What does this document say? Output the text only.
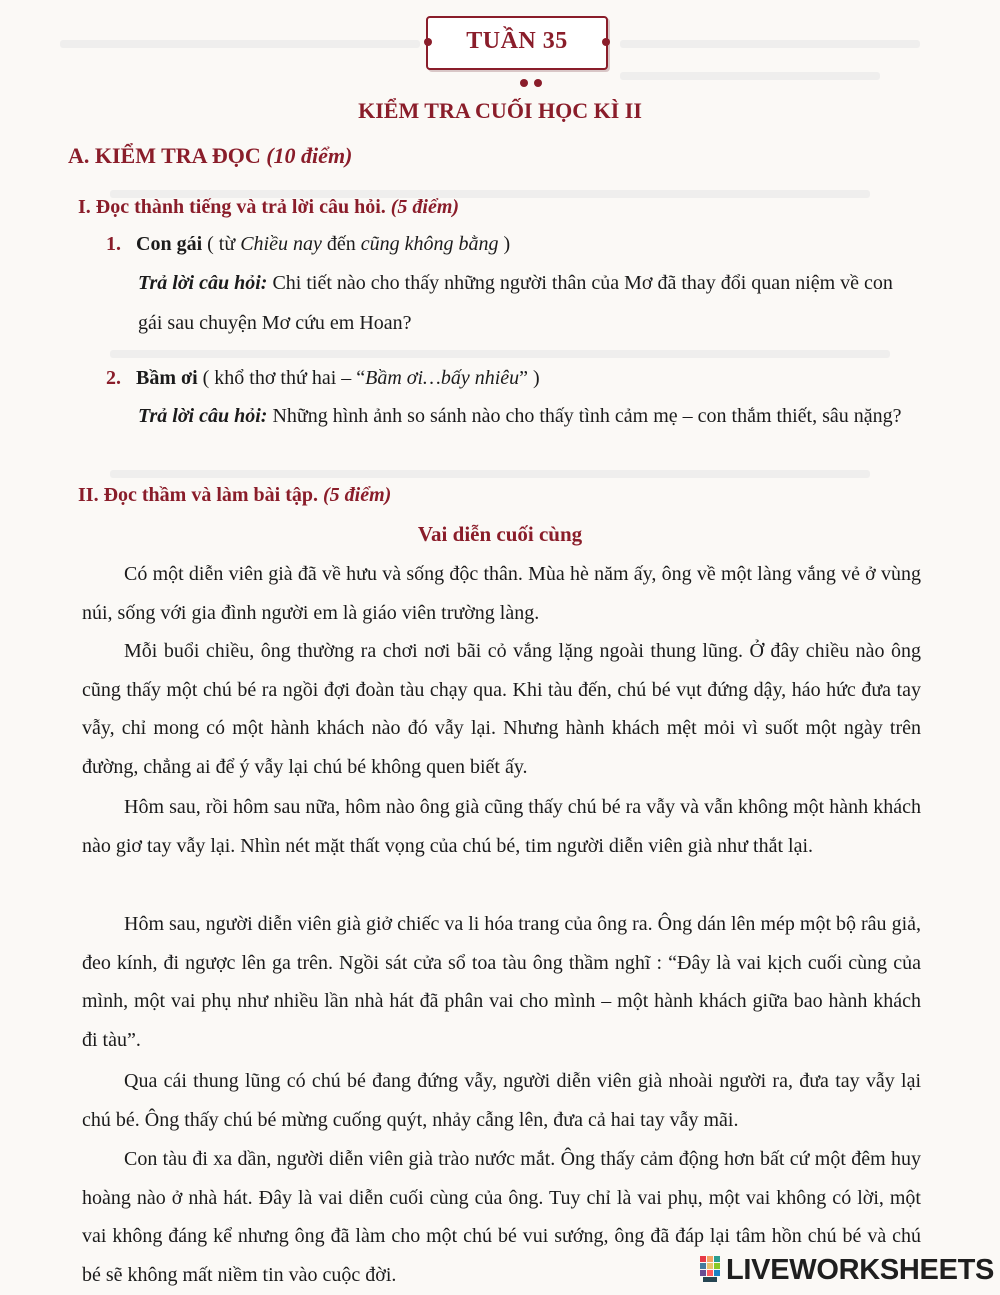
TUẦN 35
KIỂM TRA CUỐI HỌC KÌ II
A. KIỂM TRA ĐỌC (10 điểm)
I. Đọc thành tiếng và trả lời câu hỏi. (5 điểm)
1. Con gái ( từ Chiều nay đến cũng không bằng )
Trả lời câu hỏi: Chi tiết nào cho thấy những người thân của Mơ đã thay đổi quan niệm về con gái sau chuyện Mơ cứu em Hoan?
2. Bầm ơi ( khổ thơ thứ hai – “Bầm ơi…bấy nhiêu” )
Trả lời câu hỏi: Những hình ảnh so sánh nào cho thấy tình cảm mẹ – con thắm thiết, sâu nặng?
II. Đọc thầm và làm bài tập. (5 điểm)
Vai diễn cuối cùng
Có một diễn viên già đã về hưu và sống độc thân. Mùa hè năm ấy, ông về một làng vắng vẻ ở vùng núi, sống với gia đình người em là giáo viên trường làng.
Mỗi buổi chiều, ông thường ra chơi nơi bãi cỏ vắng lặng ngoài thung lũng. Ở đây chiều nào ông cũng thấy một chú bé ra ngồi đợi đoàn tàu chạy qua. Khi tàu đến, chú bé vụt đứng dậy, háo hức đưa tay vẫy, chỉ mong có một hành khách nào đó vẫy lại. Nhưng hành khách mệt mỏi vì suốt một ngày trên đường, chẳng ai để ý vẫy lại chú bé không quen biết ấy.
Hôm sau, rồi hôm sau nữa, hôm nào ông già cũng thấy chú bé ra vẫy và vẫn không một hành khách nào giơ tay vẫy lại. Nhìn nét mặt thất vọng của chú bé, tim người diễn viên già như thắt lại.
Hôm sau, người diễn viên già giở chiếc va li hóa trang của ông ra. Ông dán lên mép một bộ râu giả, đeo kính, đi ngược lên ga trên. Ngồi sát cửa sổ toa tàu ông thầm nghĩ : “Đây là vai kịch cuối cùng của mình, một vai phụ như nhiều lần nhà hát đã phân vai cho mình – một hành khách giữa bao hành khách đi tàu”.
Qua cái thung lũng có chú bé đang đứng vẫy, người diễn viên già nhoài người ra, đưa tay vẫy lại chú bé. Ông thấy chú bé mừng cuống quýt, nhảy cẫng lên, đưa cả hai tay vẫy mãi.
Con tàu đi xa dần, người diễn viên già trào nước mắt. Ông thấy cảm động hơn bất cứ một đêm huy hoàng nào ở nhà hát. Đây là vai diễn cuối cùng của ông. Tuy chỉ là vai phụ, một vai không có lời, một vai không đáng kể nhưng ông đã làm cho một chú bé vui sướng, ông đã đáp lại tâm hồn chú bé và chú bé sẽ không mất niềm tin vào cuộc đời.	LIVEWORKSHEETS
